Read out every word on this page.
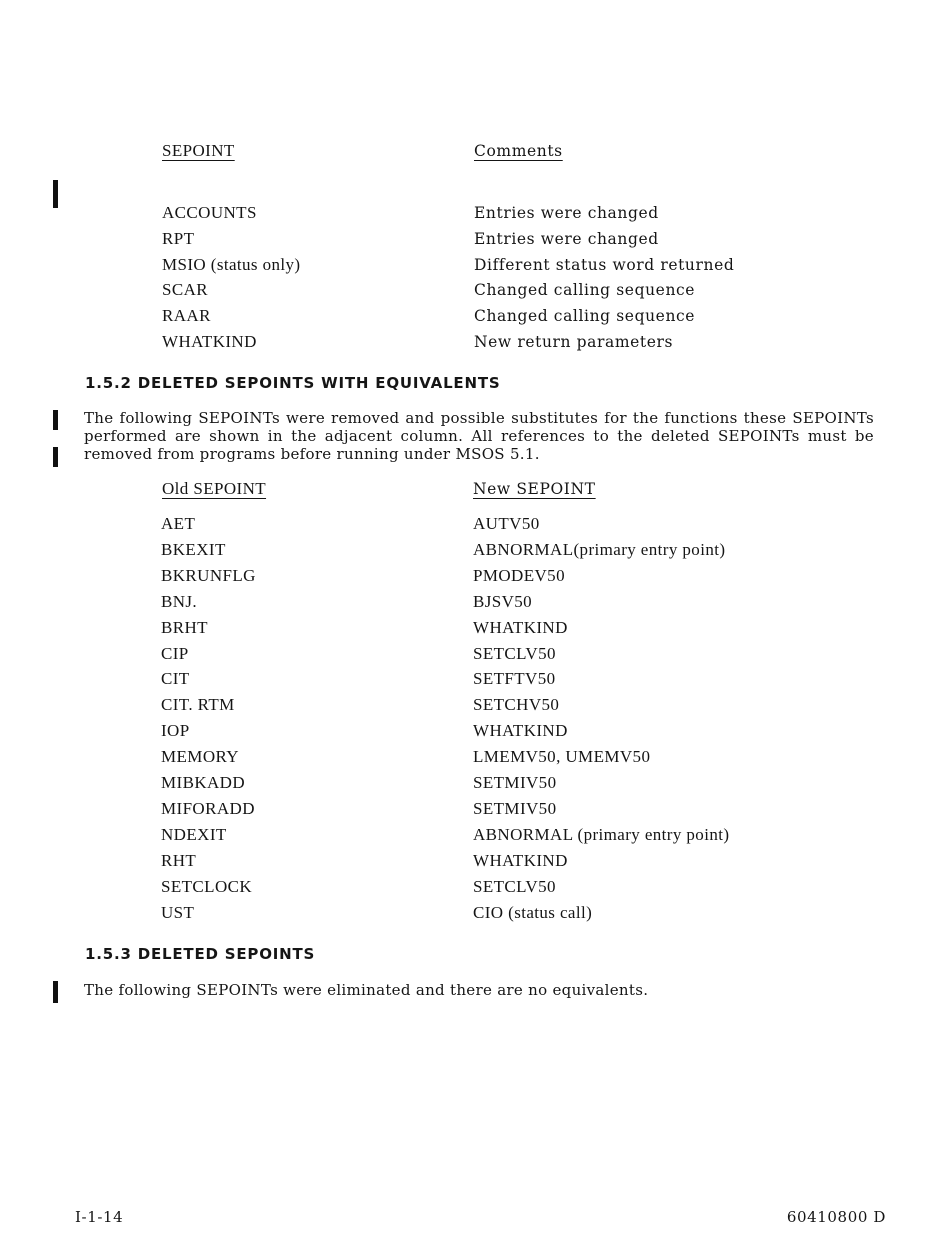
SEPOINT	Comments
ACCOUNTS	Entries were changed
RPT	Entries were changed
MSIO (status only)	Different status word returned
SCAR	Changed calling sequence
RAAR	Changed calling sequence
WHATKIND	New return parameters
1.5.2 DELETED SEPOINTS WITH EQUIVALENTS
The following SEPOINTs were removed and possible substitutes for the functions these SEPOINTs performed are shown in the adjacent column. All references to the deleted SEPOINTs must be removed from programs before running under MSOS 5.1.
Old SEPOINT	New SEPOINT
AET	AUTV50
BKEXIT	ABNORMAL(primary entry point)
BKRUNFLG	PMODEV50
BNJ.	BJSV50
BRHT	WHATKIND
CIP	SETCLV50
CIT	SETFTV50
CIT. RTM	SETCHV50
IOP	WHATKIND
MEMORY	LMEMV50, UMEMV50
MIBKADD	SETMIV50
MIFORADD	SETMIV50
NDEXIT	ABNORMAL (primary entry point)
RHT	WHATKIND
SETCLOCK	SETCLV50
UST	CIO (status call)
1.5.3 DELETED SEPOINTS
The following SEPOINTs were eliminated and there are no equivalents.
I-1-14	60410800 D
